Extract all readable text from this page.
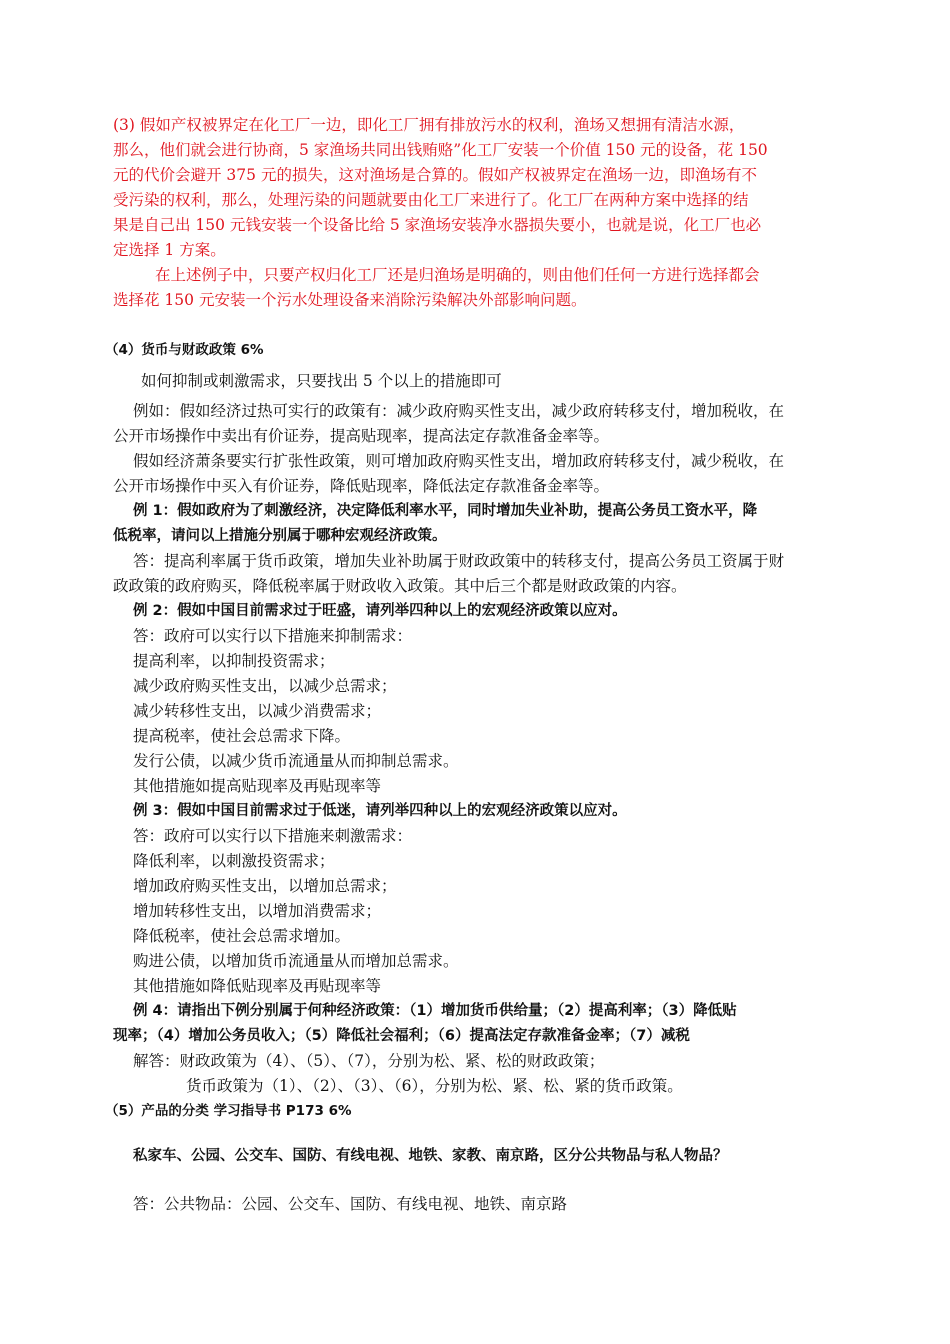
(3) 假如产权被界定在化工厂一边，即化工厂拥有排放污水的权利，渔场又想拥有清洁水源，
那么，他们就会进行协商，5 家渔场共同出钱贿赂”化工厂安装一个价值 150 元的设备，花 150
元的代价会避开 375 元的损失，这对渔场是合算的。假如产权被界定在渔场一边，即渔场有不
受污染的权利，那么，处理污染的问题就要由化工厂来进行了。化工厂在两种方案中选择的结
果是自己出 150 元钱安装一个设备比给 5 家渔场安装净水器损失要小，也就是说，化工厂也必
定选择 1 方案。
在上述例子中，只要产权归化工厂还是归渔场是明确的，则由他们任何一方进行选择都会
选择花 150 元安装一个污水处理设备来消除污染解决外部影响问题。
（4）货币与财政政策 6%
如何抑制或刺激需求，只要找出 5 个以上的措施即可
例如：假如经济过热可实行的政策有：减少政府购买性支出，减少政府转移支付，增加税收，在
公开市场操作中卖出有价证券，提高贴现率，提高法定存款准备金率等。
假如经济萧条要实行扩张性政策，则可增加政府购买性支出，增加政府转移支付，减少税收，在
公开市场操作中买入有价证券，降低贴现率，降低法定存款准备金率等。
例 1：假如政府为了刺激经济，决定降低利率水平，同时增加失业补助，提高公务员工资水平，降
低税率，请问以上措施分别属于哪种宏观经济政策。
答：提高利率属于货币政策，增加失业补助属于财政政策中的转移支付，提高公务员工资属于财
政政策的政府购买，降低税率属于财政收入政策。其中后三个都是财政政策的内容。
例 2：假如中国目前需求过于旺盛，请列举四种以上的宏观经济政策以应对。
答：政府可以实行以下措施来抑制需求：
提高利率，以抑制投资需求；
减少政府购买性支出，以减少总需求；
减少转移性支出，以减少消费需求；
提高税率，使社会总需求下降。
发行公债，以减少货币流通量从而抑制总需求。
其他措施如提高贴现率及再贴现率等
例 3：假如中国目前需求过于低迷，请列举四种以上的宏观经济政策以应对。
答：政府可以实行以下措施来刺激需求：
降低利率，以刺激投资需求；
增加政府购买性支出，以增加总需求；
增加转移性支出，以增加消费需求；
降低税率，使社会总需求增加。
购进公债，以增加货币流通量从而增加总需求。
其他措施如降低贴现率及再贴现率等
例 4：请指出下例分别属于何种经济政策：（1）增加货币供给量；（2）提高利率；（3）降低贴
现率；（4）增加公务员收入；（5）降低社会福利；（6）提高法定存款准备金率；（7）减税
解答：财政政策为（4）、（5）、（7），分别为松、紧、松的财政政策；
货币政策为（1）、（2）、（3）、（6），分别为松、紧、松、紧的货币政策。
（5）产品的分类 学习指导书 P173 6%
私家车、公园、公交车、国防、有线电视、地铁、家教、南京路，区分公共物品与私人物品？
答：公共物品：公园、公交车、国防、有线电视、地铁、南京路
